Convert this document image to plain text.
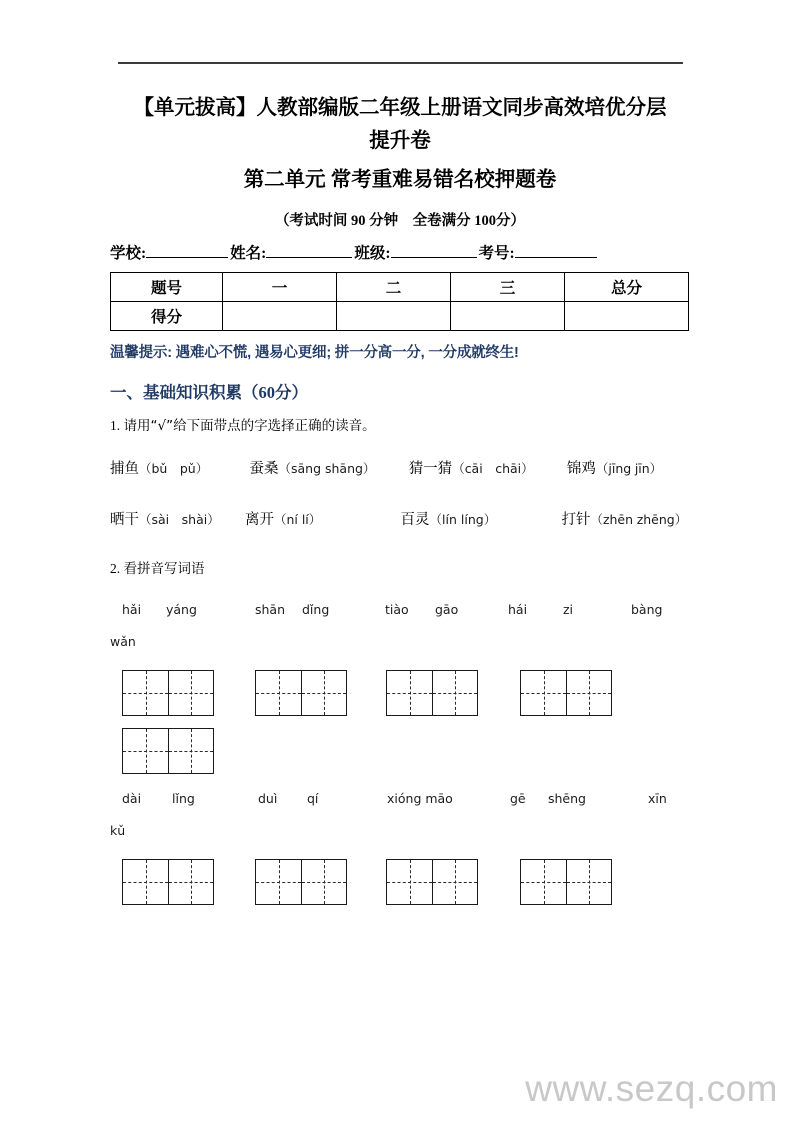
【单元拔高】人教部编版二年级上册语文同步高效培优分层
提升卷
第二单元 常考重难易错名校押题卷
（考试时间 90 分钟　全卷满分 100分）
学校:	姓名:	班级:	考号:
题号	一	二	三	总分
得分				
温馨提示: 遇难心不慌, 遇易心更细; 拼一分高一分, 一分成就终生!
一、基础知识积累（60分）
1. 请用“√”给下面带点的字选择正确的读音。
捕鱼（bǔ　pǔ）	蚕桑（sāng shāng） 猜一猜（cāi　chāi） 锦鸡（jīng jīn）
晒干（sài　shài） 离开（ní lí）	百灵（lín líng）	打针（zhēn zhēng）
2. 看拼音写词语
hǎi yáng	shān dǐng	tiào gāo	hái	zi	bàng
wǎn
dài lǐng	duì qí	xióng māo	gē shēng	xīn
kǔ
www.sezq.com
